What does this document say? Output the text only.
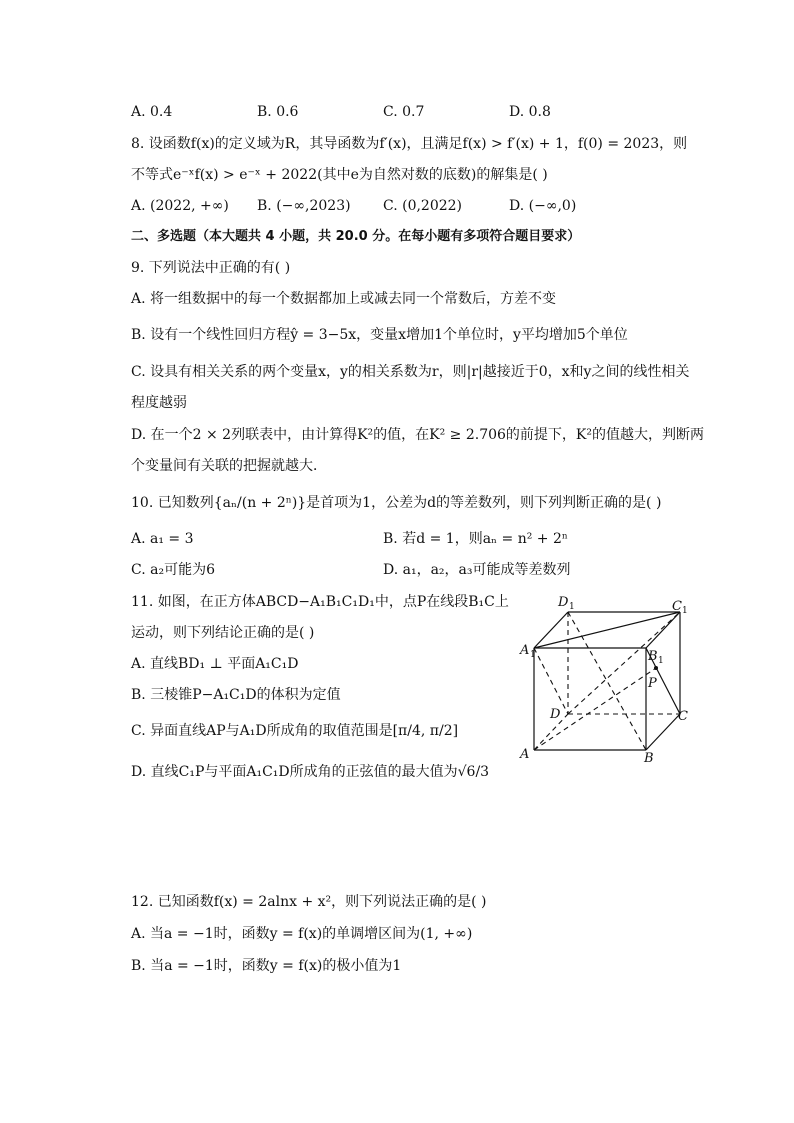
A. 0.4	B. 0.6	C. 0.7	D. 0.8
8. 设函数f(x)的定义域为R，其导函数为f′(x)，且满足f(x) > f′(x) + 1，f(0) = 2023，则
不等式e⁻ˣf(x) > e⁻ˣ + 2022(其中e为自然对数的底数)的解集是( )
A. (2022, +∞) B. (−∞,2023) C. (0,2022)	D. (−∞,0)
二、多选题（本大题共 4 小题，共 20.0 分。在每小题有多项符合题目要求）
9. 下列说法中正确的有( )
A. 将一组数据中的每一个数据都加上或减去同一个常数后，方差不变
B. 设有一个线性回归方程ŷ = 3−5x，变量x增加1个单位时，y平均增加5个单位
C. 设具有相关关系的两个变量x，y的相关系数为r，则|r|越接近于0，x和y之间的线性相关
程度越弱
D. 在一个2 × 2列联表中，由计算得K²的值，在K² ≥ 2.706的前提下，K²的值越大，判断两
个变量间有关联的把握就越大．
10. 已知数列{aₙ/(n + 2ⁿ)}是首项为1，公差为d的等差数列，则下列判断正确的是( )
A. a₁ = 3	B. 若d = 1，则aₙ = n² + 2ⁿ
C. a₂可能为6	D. a₁，a₂，a₃可能成等差数列
11. 如图，在正方体ABCD−A₁B₁C₁D₁中，点P在线段B₁C上
运动，则下列结论正确的是( )
A. 直线BD₁ ⊥ 平面A₁C₁D
B. 三棱锥P−A₁C₁D的体积为定值
C. 异面直线AP与A₁D所成角的取值范围是[π/4, π/2]
D. 直线C₁P与平面A₁C₁D所成角的正弦值的最大值为√6/3
A 1
D 1	C 1
B 1
P
D	C
A	B
12. 已知函数f(x) = 2alnx + x²，则下列说法正确的是( )
A. 当a = −1时，函数y = f(x)的单调增区间为(1, +∞)
B. 当a = −1时，函数y = f(x)的极小值为1
